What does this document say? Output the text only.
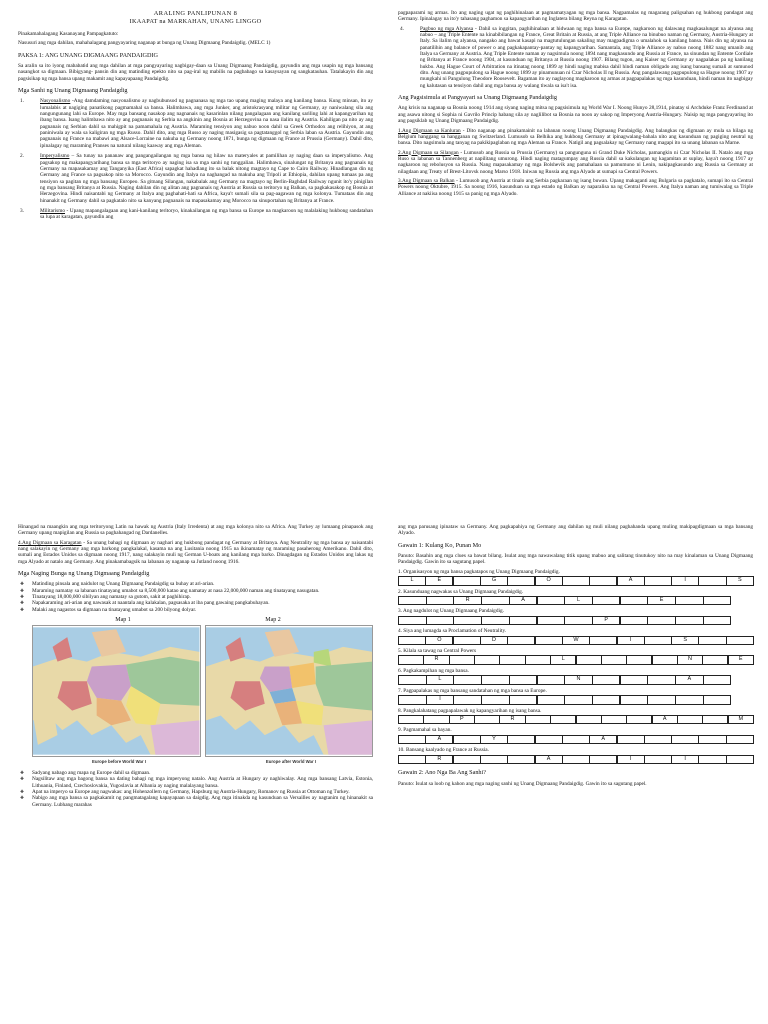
ARALING PANLIPUNAN 8
IKAAPAT na MARKAHAN, UNANG LINGGO

Pinakamahalagang Kasanayang Pampagkatuto:

Nasusuri ang mga dahilan, mahahalagang pangyayaring naganap at bunga ng Unang Digmaang Pandaigdig. (MELC 1)

PAKSA 1: ANG UNANG DIGMAANG PANDAIGDIG

Sa aralin sa ito iyong mababatid ang mga dahilan at mga pangyayaring nagbigay-daan sa Unang Digmaang Pandaigdig, gayundin ang mga usapin ng mga bansang nasangkot sa digmaan. Bibigyang- pansin din ang matinding epekto nito sa pag-iral ng mabilis na pagbabago sa kasaysayan ng sangkatauhan. Tatalakayin din ang pagsisikap ng mga bansa upang makamit ang kapayapaang Pandaigdig.

Mga Sanhi ng Unang Digmaang Pandaigdig
1.	Nasyonalismo -Ang damdaming nasyonalismo ay nagbubunsod ng pagnanasa ng mga tao upang maging malaya ang kanilang bansa. Kung minsan, ito ay lumalabis at nagiging panatikong pagmamahal sa bansa. Halimbawa, ang mga Junker, ang aristokrasyang militar ng Germany, ay naniwalang sila ang nangungunang lahi sa Europe. May mga bansang nasakop ang nagnanais ng kasarinlan nilang pangalagaan ang kanilang sariling lahi at kapangyarihan ng ibang bansa. Isang halimbawa nito ay ang pagnanais ng Serbia na angkinin ang Bosnia at Herzegovina na nasa ilalim ng Austria. Kahiligan pa nito ay ang pagnanais ng Serbian dahil sa mahigpit na pamamahala ng Austria. Maraming tensiyon ang nabuo noon dahil sa Greek Orthodox ang relihiyon, at ang paniniwala ay wala sa kaligiran ng mga Russo. Dahil dito, ang mga Russo ay naging masigasig sa pagtatanggol ng Serbia laban sa Austria. Gayundin ang pagnanais ng France na mabawi ang Alsace-Lorraine na nakuha ng Germany noong 1871, bunga ng digmaan ng France at Prussia (Germany). Dahil dito, ipinalagay ng maraming Pranses na natural nilang kaaway ang mga Aleman.
2.	Imperyalismo – Sa tunay na pananaw ang pangangailangan ng mga bansa ng hilaw na materyales at pamilihan ay naging daan sa imperyalismo. Ang pagsakop ng makapangyarihang bansa sa mga teritoryo ay naging isa sa mga sanhi ng tunggalian. Halimbawa, sinalungat ng Britanya ang pagnanais ng Germany na mapasakamay ang Tanganyika (East Africa) sapagkat hahadlang ito sa balak nitong magtayo ng Cape to Cairo Railway. Hinadlangan din ng Germany ang France sa pagsakop nito sa Morocco. Gayundin ang Italya na naghangad na makuha ang Tripoli at Ethiopia, dahilan upang tumaas pa ang tensiyon sa pagitan ng mga bansang Europeo. Sa gitnang Silangan, nakabalak ang Germany na magtayo ng Berlin-Baghdad Railway ngunit ito'y pinigilan ng mga bansang Britanya at Russia. Naging dahilan din ng alitan ang pagnanais ng Austria at Russia sa teritoryo ng Balkan, sa pagkakasakop ng Bosnia at Herzegovina. Hindi naisantabi ng Germany at Italya ang paghahati-hati sa Africa, kaya't sumali sila sa pag-aagawan ng mga kolonya. Tumataas din ang hinanakit ng Germany dahil sa pagkatalo nito sa kanyang pagnanais na mapasakamay ang Morocco na sinuportahan ng Britanya at France.
3.	Militarismo - Upang mapangalagaan ang kani-kanilang teritoryo, kinakailangan ng mga bansa sa Europe na magkaroon ng malalaking hukbong sandatahan sa lupa at karagatan, gayundin ang

pagpaparami ng armas. Ito ang naging ugat ng paghihinalaan at pagmamatyagan ng mga bansa. Nagpamalas ng magarang paligsahan ng hukbong pandagat ang Germany. Ipinalagay na ito'y tahasang paghamon sa kapangyarihan ng Inglatera bilang Reyna ng Karagatan.

4.	Pagbuo ng mga Alyansa - Dahil sa inggitan, paghihinalaan at hidwaan ng mga bansa sa Europe, nagkaroon ng dalawang magkasalungat na alyansa ang nabuo – ang Triple Entente na kinabibilangan ng France, Great Britain at Russia, at ang Triple Alliance na binubuo naman ng Germany, Austria-Hungary at Italy. Sa ilalim ng alyansa, nangako ang bawat kasapi na magtutulungan sakaling may magpadigma o umalahok sa kanilang bansa. Nais din ng alyansa na panatilihin ang balance of power o ang pagkakapantay-pantay ng kapangyarihan. Samantala, ang Triple Alliance ay nabuo noong 1882 nang umanib ang Italya sa Germany at Austria. Ang Triple Entente naman ay nagsimula noong 1894 nang magkasundo ang Russia at France, na sinundan ng Entente Cordiale ng Britanya at France noong 1904, at kasunduan ng Britanya at Russia noong 1907. Bilang tugon, ang Kaiser ng Germany ay nagpalakas pa ng kanilang hukbo. Ang Hague Court of Arbitration na itinatag noong 1899 ay hindi naging mabisa dahil hindi naman obligado ang isang bansang sumali at sumunod dito. Ang unang pagpupulong sa Hague noong 1899 ay pinamunuan ni Czar Nicholas II ng Russia. Ang pangalawang pagpupulong sa Hague noong 1907 ay mungkahi ni Pangulong Theodore Roosevelt. Bagaman ito ay naglayong magkaroon ng armas at pagpapalakas ng mga kasunduan, hindi naman ito nagbigay ng kalutasan sa tensiyon dahil ang mga bansa ay walang tiwala sa isa't isa.
Ang Pagsisimula at Pangyayari sa Unang Digmaang Pandaigdig

Ang krisis na naganap sa Bosnia noong 1914 ang siyang naging mitsa ng pagsisimula ng World War I. Noong Hunyo 28,1914, pinatay si Archduke Franz Ferdinand at ang asawa nitong si Sophia ni Gavrilo Princip habang sila ay naglilibot sa Bosnia na noon ay sakop ng Imperyong Austria-Hungary. Naisip ng mga pangyayaring ito ang pagsiklab ng Unang Digmaang Pandaigdig.

1.Ang Digmaan sa Kanluran - Dito naganap ang pinakamainit na labanan noong Unang Digmaang Pandaigdig. Ang balangkas ng digmaan ay mula sa hilaga ng Belgium hanggang sa hangganan ng Switzerland. Lumusob sa Belhika ang hukbong Germany at ipinagwalang-bahala nito ang kasunduan ng pagiging neutral ng bansa. Dito nagsimula ang tanyag na pakikipaglaban ng mga Aleman sa France. Natigil ang pagsalakay ng Germany nang magapi ito sa unang labanan sa Marne.

2.Ang Digmaan sa Silangan - Lumusob ang Russia sa Prussia (Germany) sa pangunguna ni Grand Duke Nicholas, pamangkin ni Czar Nicholas II. Natalo ang mga Ruso sa labanan sa Tannenberg at napilitang umurong. Hindi naging matagumpay ang Russia dahil sa kakulangan ng kagamitan at suplay, kaya't noong 1917 ay nagkaroon ng rebolusyon sa Russia. Nang mapasakamay ng mga Bolshevik ang pamahalaan sa pamumuno ni Lenin, nakipagkasundo ang Russia sa Germany at nilagdaan ang Treaty of Brest-Litovsk noong Marso 1918. Iniwan ng Russia ang mga Alyado at sumapi sa Central Powers.

3.Ang Digmaan sa Balkan - Lumusob ang Austria at tinalo ang Serbia pagkaraan ng isang buwan. Upang makaganti ang Bulgaria sa pagkatalo, sumapi ito sa Central Powers noong Oktubre, 1915. Sa noong 1916, kasunduan sa mga estado ng Balkan ay naparalisa na ng Central Powers. Ang Italya naman ang tumiwalag sa Triple Alliance at nakiisa noong 1915 sa panig ng mga Alyado.

Hinangad na maangkin ang mga teritoryong Latin na hawak ng Austria (Italy Irredenta) at ang mga kolonya nito sa Africa. Ang Turkey ay lumaang pinapasok ang Germany upang mapigilan ang Russia sa paghahangad ng Dardanelles.

4.Ang Digmaan sa Karagatan - Sa unang bahagi ng digmaan ay naghari ang hukbong pandagat ng Germany at Britanya. Ang Neutrality ng mga bansa ay naisantabi nang salakayin ng Germany ang mga barkong pangkalakal, kasama na ang Lusitania noong 1915 na ikinamatay ng maraming pasaherong Amerikano. Dahil dito, sumali ang Estados Unidos sa digmaan noong 1917, nang salakayin muli ng German U-boats ang kanilang mga barko. Dinagdagan ng Estados Unidos ang lakas ng mga Alyado at natalo ang Germany. Ang pinakamabagsik na labanan ay naganap sa Jutland noong 1916.

Mga Naging Bunga ng Unang Digmaang Pandaigdig
❖ Matinding pinsala ang naidulot ng Unang Digmaang Pandaigdig sa buhay at ari-arian.
❖ Maraming namatay sa labanan tinatayang umabot sa 8,500,000 katao ang namatay at nasa 22,000,000 naman ang tinatayang nasugatan.
❖ Tinatayang 18,000,000 sibilyan ang namatay sa gutom, sakit at paghihirap.
❖ Napakaraming ari-arian ang nawasak at naantala ang kalakalan, pagsasaka at iba pang gawaing pangkabuhayan.
❖ Malaki ang nagastos sa digmaan na tinatayang umabot sa 200 bilyong dolyar.
Map 1	Map 2
Europe before World War I	Europe after World War I
❖ Sadyang nabago ang mapa ng Europe dahil sa digmaan.
❖ Nagsilitaw ang mga bagong bansa na dating bahagi ng mga imperyong natalo. Ang Austria at Hungary ay naghiwalay. Ang mga bansang Latvia, Estonia, Lithuania, Finland, Czechoslovakia, Yugoslavia at Albania ay naging malalayang bansa.
❖ Apat na imperyo sa Europe ang nagwakas: ang Hohenzollern ng Germany, Hapsburg ng Austria-Hungary, Romanov ng Russia at Ottoman ng Turkey.
❖ Nabigo ang mga bansa sa pagkakamit ng pangmatagalang kapayapaan sa daigdig. Ang mga itinakda ng kasunduan sa Versailles ay nagtanim ng hinanakit sa Germany. Lubhang marahas

ang mga parusang ipinataw sa Germany. Ang pagkapahiya ng Germany ang dahilan ng muli nilang paghahanda upang muling makipagdigmaan sa mga bansang Alyado.

Gawain 1: Kulang Ko, Punan Mo

Panuto: Basahin ang mga clues sa bawat bilang. Isulat ang mga nawawalang titik upang mabuo ang salitang tinutukoy nito na may kinalaman sa Unang Digmaang Pandaigdig. Gawin ito sa sagutang papel.

1. Organisasyon ng mga bansa pagkatapos ng Unang Digmaang Pandaigdig.
L	E	G	O	A	I	S
2. Kasunduang nagwakas sa Unang Digmaang Pandaigdig.
R	A	L	E
3. Ang nagdulot ng Unang Digmaang Pandaigdig.
P
4. Siya ang lumagda sa Proclamation of Neutrality.
O	D	W	I	S
5. Kilala sa tawag na Central Powers
R	L	N	E
6. Pagkakampihan ng mga bansa.
L	N	A
7. Pagpapalakas ng mga bansang sandatahan ng mga bansa sa Europe.
I
8. Pangkalahatang pagpapalawak ng kapangyarihan ng isang bansa.
P	R	A	M
9. Pagmamahal sa bayan.
A	Y	A
10. Bansang kaalyado ng France at Russia.
R	A	I	I
Gawain 2: Ano Nga Ba Ang Sanhi?

Panuto: Isulat sa loob ng kahon ang mga naging sanhi ng Unang Digmaang Pandaigdig. Gawin ito sa sagutang papel.
